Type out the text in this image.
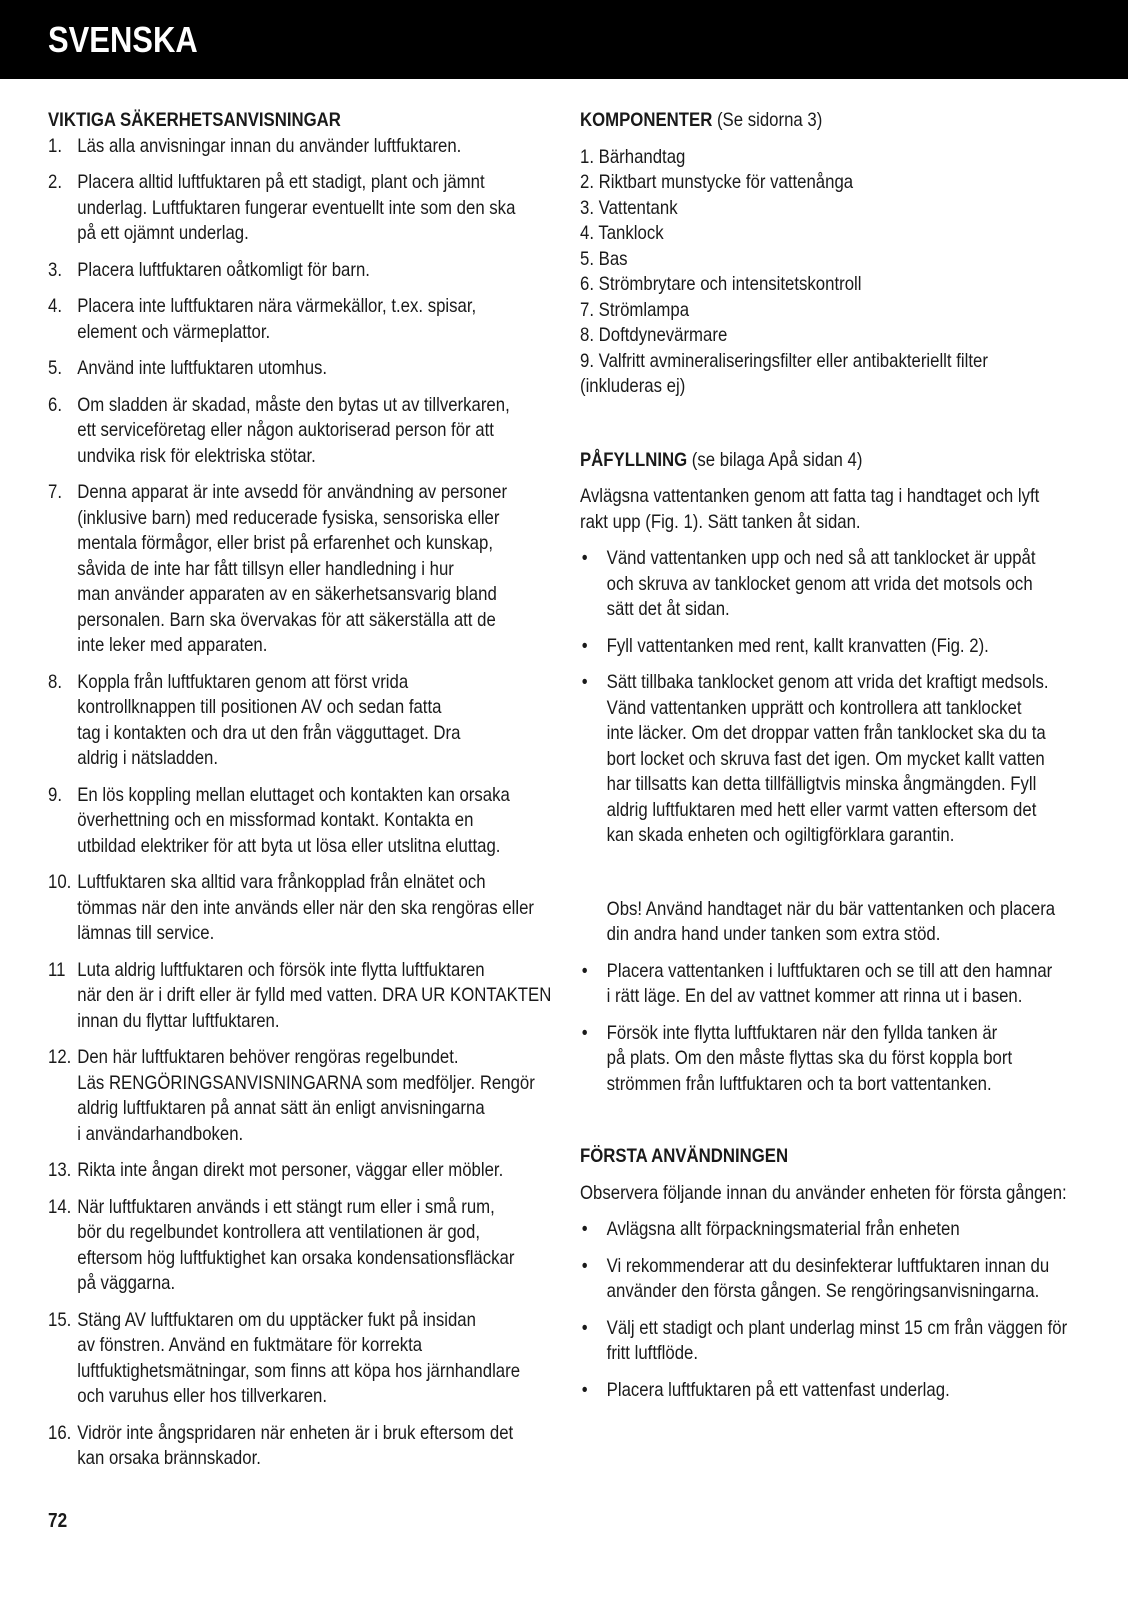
SVENSKA
VIKTIGA SÄKERHETSANVISNINGAR
1. Läs alla anvisningar innan du använder luftfuktaren.
2. Placera alltid luftfuktaren på ett stadigt, plant och jämnt
underlag. Luftfuktaren fungerar eventuellt inte som den ska
på ett ojämnt underlag.
3. Placera luftfuktaren oåtkomligt för barn.
4. Placera inte luftfuktaren nära värmekällor, t.ex. spisar,
element och värmeplattor.
5. Använd inte luftfuktaren utomhus.
6. Om sladden är skadad, måste den bytas ut av tillverkaren,
ett serviceföretag eller någon auktoriserad person för att
undvika risk för elektriska stötar.
7. Denna apparat är inte avsedd för användning av personer
(inklusive barn) med reducerade fysiska, sensoriska eller
mentala förmågor, eller brist på erfarenhet och kunskap,
såvida de inte har fått tillsyn eller handledning i hur
man använder apparaten av en säkerhetsansvarig bland
personalen. Barn ska övervakas för att säkerställa att de
inte leker med apparaten.
8. Koppla från luftfuktaren genom att först vrida
kontrollknappen till positionen AV och sedan fatta
tag i kontakten och dra ut den från vägguttaget. Dra
aldrig i nätsladden.
9. En lös koppling mellan eluttaget och kontakten kan orsaka
överhettning och en missformad kontakt. Kontakta en
utbildad elektriker för att byta ut lösa eller utslitna eluttag.
10. Luftfuktaren ska alltid vara frånkopplad från elnätet och
tömmas när den inte används eller när den ska rengöras eller
lämnas till service.
11 Luta aldrig luftfuktaren och försök inte flytta luftfuktaren
när den är i drift eller är fylld med vatten. DRA UR KONTAKTEN
innan du flyttar luftfuktaren.
12. Den här luftfuktaren behöver rengöras regelbundet.
Läs RENGÖRINGSANVISNINGARNA som medföljer. Rengör
aldrig luftfuktaren på annat sätt än enligt anvisningarna
i användarhandboken.
13. Rikta inte ångan direkt mot personer, väggar eller möbler.
14. När luftfuktaren används i ett stängt rum eller i små rum,
bör du regelbundet kontrollera att ventilationen är god,
eftersom hög luftfuktighet kan orsaka kondensationsfläckar
på väggarna.
15. Stäng AV luftfuktaren om du upptäcker fukt på insidan
av fönstren. Använd en fuktmätare för korrekta
luftfuktighetsmätningar, som finns att köpa hos järnhandlare
och varuhus eller hos tillverkaren.
16. Vidrör inte ångspridaren när enheten är i bruk eftersom det
kan orsaka brännskador.
KOMPONENTER (Se sidorna 3)
1. Bärhandtag
2. Riktbart munstycke för vattenånga
3. Vattentank
4. Tanklock
5. Bas
6. Strömbrytare och intensitetskontroll
7. Strömlampa
8. Doftdynevärmare
9. Valfritt avmineraliseringsfilter eller antibakteriellt filter
(inkluderas ej)
PÅFYLLNING (se bilaga Apå sidan 4)

Avlägsna vattentanken genom att fatta tag i handtaget och lyft
rakt upp (Fig. 1). Sätt tanken åt sidan.

• Vänd vattentanken upp och ned så att tanklocket är uppåt
och skruva av tanklocket genom att vrida det motsols och
sätt det åt sidan.
• Fyll vattentanken med rent, kallt kranvatten (Fig. 2).
• Sätt tillbaka tanklocket genom att vrida det kraftigt medsols.
Vänd vattentanken upprätt och kontrollera att tanklocket
inte läcker. Om det droppar vatten från tanklocket ska du ta
bort locket och skruva fast det igen. Om mycket kallt vatten
har tillsatts kan detta tillfälligtvis minska ångmängden. Fyll
aldrig luftfuktaren med hett eller varmt vatten eftersom det
kan skada enheten och ogiltigförklara garantin.
Obs! Använd handtaget när du bär vattentanken och placera
din andra hand under tanken som extra stöd.
• Placera vattentanken i luftfuktaren och se till att den hamnar
i rätt läge. En del av vattnet kommer att rinna ut i basen.
• Försök inte flytta luftfuktaren när den fyllda tanken är
på plats. Om den måste flyttas ska du först koppla bort
strömmen från luftfuktaren och ta bort vattentanken.
FÖRSTA ANVÄNDNINGEN

Observera följande innan du använder enheten för första gången:

• Avlägsna allt förpackningsmaterial från enheten
• Vi rekommenderar att du desinfekterar luftfuktaren innan du
använder den första gången. Se rengöringsanvisningarna.
• Välj ett stadigt och plant underlag minst 15 cm från väggen för
fritt luftflöde.
• Placera luftfuktaren på ett vattenfast underlag.
72
